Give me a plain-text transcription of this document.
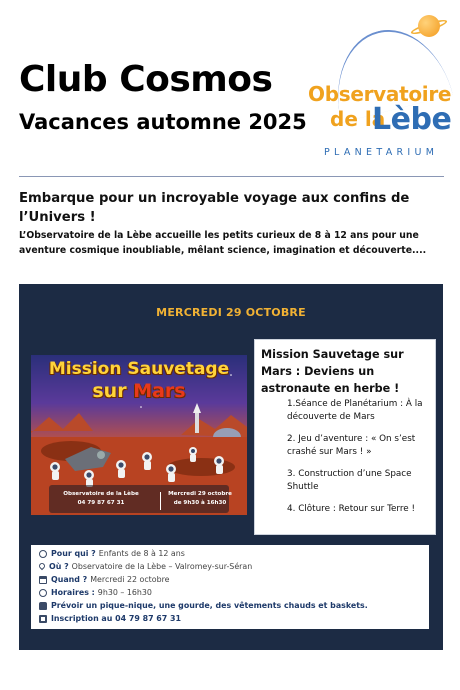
Club Cosmos
Vacances automne 2025
Observatoire
de la
Lèbe
PLANETARIUM
Embarque pour un incroyable voyage aux confins de l’Univers !
L’Observatoire de la Lèbe accueille les petits curieux de 8 à 12 ans pour une aventure cosmique inoubliable, mêlant science, imagination et découverte....
MERCREDI 29 OCTOBRE
Mission Sauvetage
sur Mars
Observatoire de la Lèbe
04 79 87 67 31
Mercredi 29 octobre
de 9h30 à 16h30
Mission Sauvetage sur Mars : Deviens un astronaute en herbe !
1.Séance de Planétarium : À la découverte de Mars
2. Jeu d’aventure : « On s’est crashé sur Mars ! »
3. Construction d’une Space Shuttle
4. Clôture : Retour sur Terre !
Pour qui ? Enfants de 8 à 12 ans
Où ? Observatoire de la Lèbe – Valromey-sur-Séran
Quand ? Mercredi 22 octobre
Horaires : 9h30 – 16h30
Prévoir un pique-nique, une gourde, des vêtements chauds et baskets.
Inscription au 04 79 87 67 31
